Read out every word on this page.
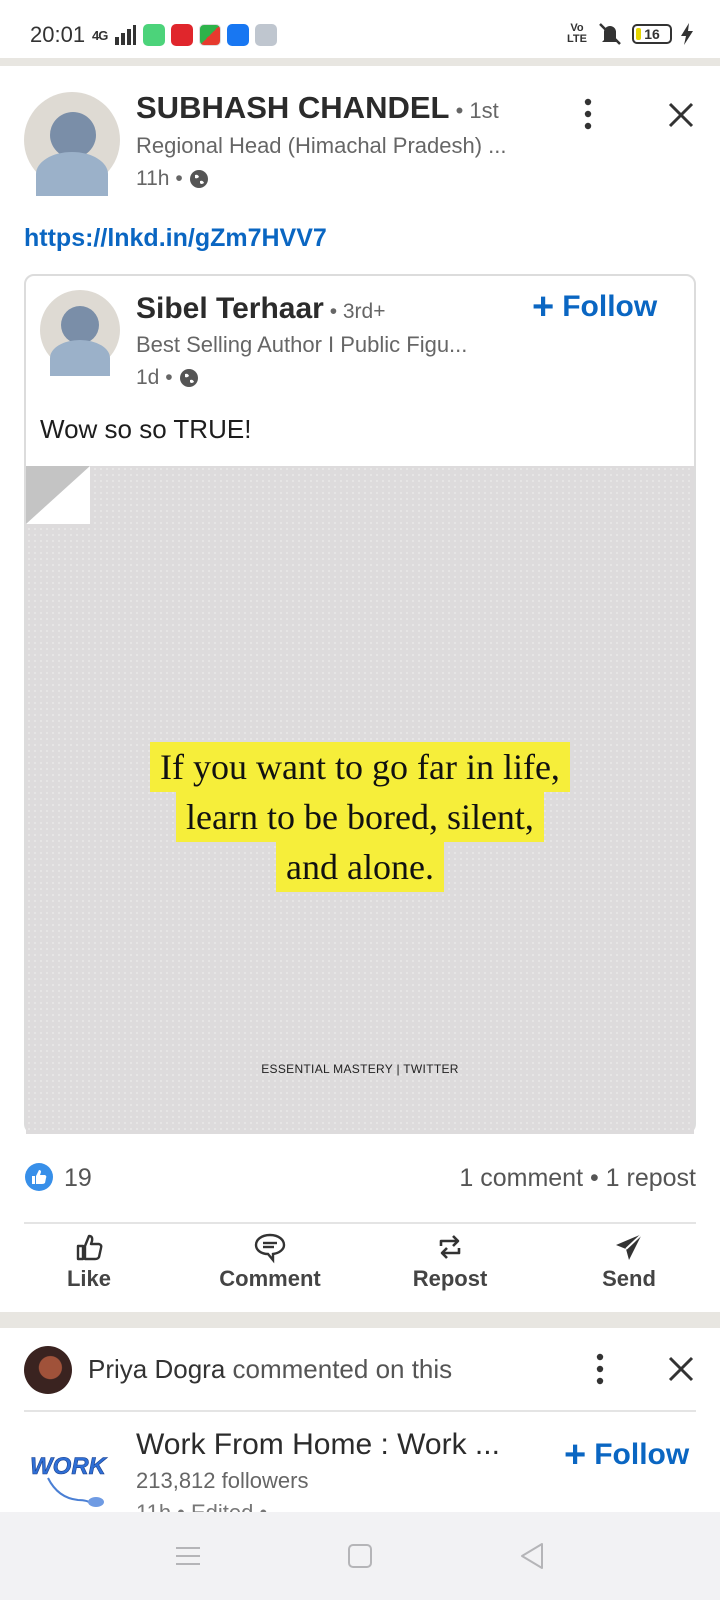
20:01 4G	Vo LTE	16
SUBHASH CHANDEL • 1st
Regional Head (Himachal Pradesh) ...
11h •
https://lnkd.in/gZm7HVV7
Sibel Terhaar • 3rd+
Best Selling Author I Public Figu...
1d •
+ Follow
Wow so so TRUE!
If you want to go far in life,
learn to be bored, silent,
and alone.
ESSENTIAL MASTERY | TWITTER
19	1 comment • 1 repost
Like	Comment	Repost	Send
Priya Dogra commented on this
WORK
Work From Home : Work ...
213,812 followers
+ Follow
